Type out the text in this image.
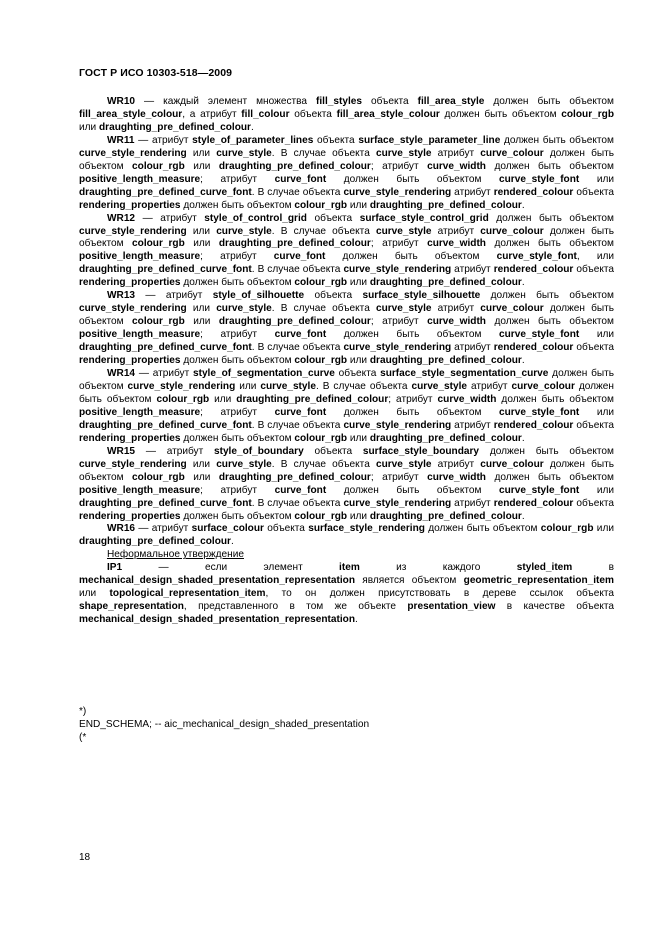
ГОСТ Р ИСО 10303-518—2009

WR10 — каждый элемент множества fill_styles объекта fill_area_style должен быть объектом fill_area_style_colour, а атрибут fill_colour объекта fill_area_style_colour должен быть объектом colour_rgb или draughting_pre_defined_colour.

WR11 — атрибут style_of_parameter_lines объекта surface_style_parameter_line должен быть объектом curve_style_rendering или curve_style. В случае объекта curve_style атрибут curve_colour должен быть объектом colour_rgb или draughting_pre_defined_colour; атрибут curve_width должен быть объектом positive_length_measure; атрибут curve_font должен быть объектом curve_style_font или draughting_pre_defined_curve_font. В случае объекта curve_style_rendering атрибут rendered_colour объекта rendering_properties должен быть объектом colour_rgb или draughting_pre_defined_colour.

WR12 — атрибут style_of_control_grid объекта surface_style_control_grid должен быть объектом curve_style_rendering или curve_style. В случае объекта curve_style атрибут curve_colour должен быть объектом colour_rgb или draughting_pre_defined_colour; атрибут curve_width должен быть объектом positive_length_measure; атрибут curve_font должен быть объектом curve_style_font, или draughting_pre_defined_curve_font. В случае объекта curve_style_rendering атрибут rendered_colour объекта rendering_properties должен быть объектом colour_rgb или draughting_pre_defined_colour.

WR13 — атрибут style_of_silhouette объекта surface_style_silhouette должен быть объектом curve_style_rendering или curve_style. В случае объекта curve_style атрибут curve_colour должен быть объектом colour_rgb или draughting_pre_defined_colour; атрибут curve_width должен быть объектом positive_length_measure; атрибут curve_font должен быть объектом curve_style_font или draughting_pre_defined_curve_font. В случае объекта curve_style_rendering атрибут rendered_colour объекта rendering_properties должен быть объектом colour_rgb или draughting_pre_defined_colour.

WR14 — атрибут style_of_segmentation_curve объекта surface_style_segmentation_curve должен быть объектом curve_style_rendering или curve_style. В случае объекта curve_style атрибут curve_colour должен быть объектом colour_rgb или draughting_pre_defined_colour; атрибут curve_width должен быть объектом positive_length_measure; атрибут curve_font должен быть объектом curve_style_font или draughting_pre_defined_curve_font. В случае объекта curve_style_rendering атрибут rendered_colour объекта rendering_properties должен быть объектом colour_rgb или draughting_pre_defined_colour.

WR15 — атрибут style_of_boundary объекта surface_style_boundary должен быть объектом curve_style_rendering или curve_style. В случае объекта curve_style атрибут curve_colour должен быть объектом colour_rgb или draughting_pre_defined_colour; атрибут curve_width должен быть объектом positive_length_measure; атрибут curve_font должен быть объектом curve_style_font или draughting_pre_defined_curve_font. В случае объекта curve_style_rendering атрибут rendered_colour объекта rendering_properties должен быть объектом colour_rgb или draughting_pre_defined_colour.

WR16 — атрибут surface_colour объекта surface_style_rendering должен быть объектом colour_rgb или draughting_pre_defined_colour.

Неформальное утверждение

IP1 — если элемент item из каждого styled_item в mechanical_design_shaded_presentation_representation является объектом geometric_representation_item или topological_representation_item, то он должен присутствовать в дереве ссылок объекта shape_representation, представленного в том же объекте presentation_view в качестве объекта mechanical_design_shaded_presentation_representation.

*)
END_SCHEMA; -- aic_mechanical_design_shaded_presentation
(*
18
